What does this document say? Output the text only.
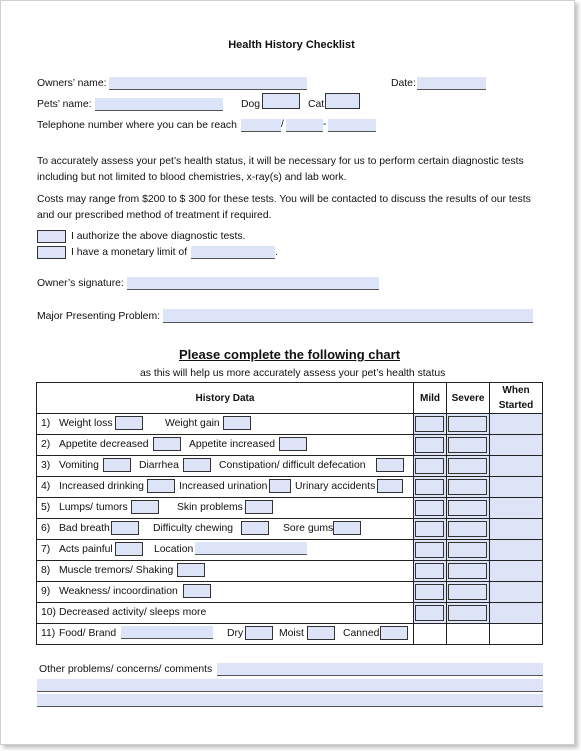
Health History Checklist
Owners’ name:	Date:
Pets’ name:	Dog	Cat
Telephone number where you can be reach	/	-
To accurately assess your pet’s health status, it will be necessary for us to perform certain diagnostic tests
including but not limited to blood chemistries, x-ray(s) and lab work.
Costs may range from $200 to $ 300 for these tests. You will be contacted to discuss the results of our tests
and our prescribed method of treatment if required.
I authorize the above diagnostic tests.
I have a monetary limit of	.
Owner’s signature:
Major Presenting Problem:
Please complete the following chart
as this will help us more accurately assess your pet’s health status
History Data	Mild	Severe	When
Started

1) Weight loss Weight gain			

2) Appetite decreased Appetite increased			

3) Vomiting Diarrhea Constipation/ difficult defecation			

4) Increased drinking Increased urination Urinary accidents			

5) Lumps/ tumors Skin problems			

6) Bad breath Difficulty chewing Sore gums			

7) Acts painful Location			

8) Muscle tremors/ Shaking			

9) Weakness/ incoordination			

10) Decreased activity/ sleeps more			

11) Food/ Brand Dry Moist Canned			

Other problems/ concerns/ comments
